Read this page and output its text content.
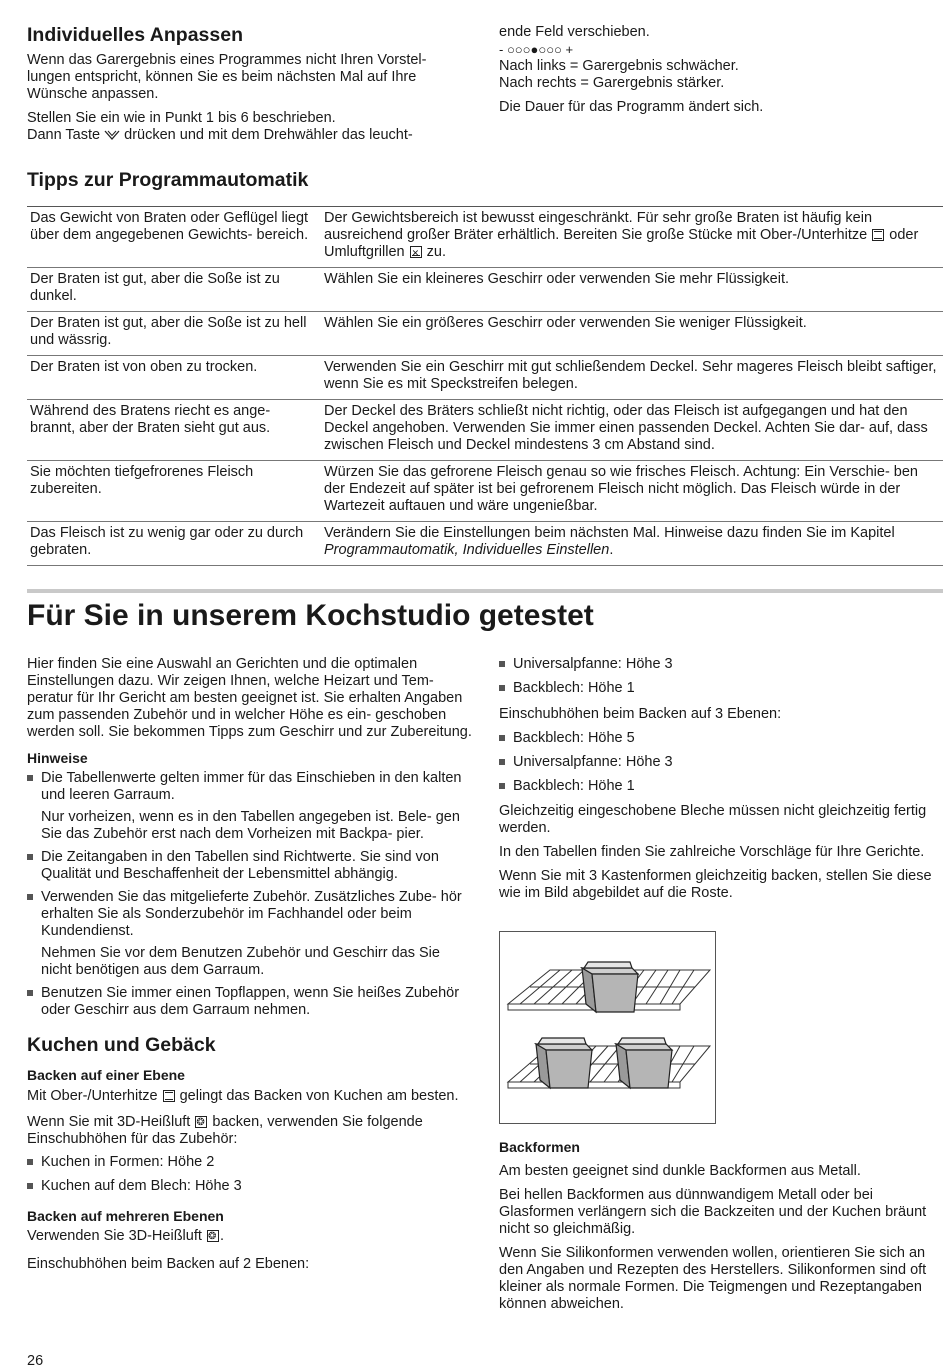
Individuelles Anpassen

Wenn das Garergebnis eines Programmes nicht Ihren Vorstel- lungen entspricht, können Sie es beim nächsten Mal auf Ihre Wünsche anpassen.

Stellen Sie ein wie in Punkt 1 bis 6 beschrieben.

Dann Taste drücken und mit dem Drehwähler das leucht-

ende Feld verschieben.

- ○○○●○○○ +

Nach links = Garergebnis schwächer.

Nach rechts = Garergebnis stärker.

Die Dauer für das Programm ändert sich.

Tipps zur Programmautomatik
Das Gewicht von Braten oder Geflügel liegt über dem angegebenen Gewichts- bereich.	Der Gewichtsbereich ist bewusst eingeschränkt. Für sehr große Braten ist häufig kein ausreichend großer Bräter erhältlich. Bereiten Sie große Stücke mit Ober-/Unterhitze oder Umluftgrillen ✕ zu.
Der Braten ist gut, aber die Soße ist zu dunkel.	Wählen Sie ein kleineres Geschirr oder verwenden Sie mehr Flüssigkeit.
Der Braten ist gut, aber die Soße ist zu hell und wässrig.	Wählen Sie ein größeres Geschirr oder verwenden Sie weniger Flüssigkeit.
Der Braten ist von oben zu trocken.	Verwenden Sie ein Geschirr mit gut schließendem Deckel. Sehr mageres Fleisch bleibt saftiger, wenn Sie es mit Speckstreifen belegen.
Während des Bratens riecht es ange- brannt, aber der Braten sieht gut aus.	Der Deckel des Bräters schließt nicht richtig, oder das Fleisch ist aufgegangen und hat den Deckel angehoben. Verwenden Sie immer einen passenden Deckel. Achten Sie dar- auf, dass zwischen Fleisch und Deckel mindestens 3 cm Abstand sind.
Sie möchten tiefgefrorenes Fleisch zubereiten.	Würzen Sie das gefrorene Fleisch genau so wie frisches Fleisch. Achtung: Ein Verschie- ben der Endezeit auf später ist bei gefrorenem Fleisch nicht möglich. Das Fleisch würde in der Wartezeit auftauen und wäre ungenießbar.
Das Fleisch ist zu wenig gar oder zu durch gebraten.	Verändern Sie die Einstellungen beim nächsten Mal. Hinweise dazu finden Sie im Kapitel Programmautomatik, Individuelles Einstellen.
Für Sie in unserem Kochstudio getestet

Hier finden Sie eine Auswahl an Gerichten und die optimalen Einstellungen dazu. Wir zeigen Ihnen, welche Heizart und Tem- peratur für Ihr Gericht am besten geeignet ist. Sie erhalten Angaben zum passenden Zubehör und in welcher Höhe es ein- geschoben werden soll. Sie bekommen Tipps zum Geschirr und zur Zubereitung.

Hinweise
Die Tabellenwerte gelten immer für das Einschieben in den kalten und leeren Garraum.
Nur vorheizen, wenn es in den Tabellen angegeben ist. Bele- gen Sie das Zubehör erst nach dem Vorheizen mit Backpa- pier.
Die Zeitangaben in den Tabellen sind Richtwerte. Sie sind von Qualität und Beschaffenheit der Lebensmittel abhängig.
Verwenden Sie das mitgelieferte Zubehör. Zusätzliches Zube- hör erhalten Sie als Sonderzubehör im Fachhandel oder beim Kundendienst.
Nehmen Sie vor dem Benutzen Zubehör und Geschirr das Sie nicht benötigen aus dem Garraum.
Benutzen Sie immer einen Topflappen, wenn Sie heißes Zubehör oder Geschirr aus dem Garraum nehmen.
Kuchen und Gebäck
Backen auf einer Ebene

Mit Ober-/Unterhitze gelingt das Backen von Kuchen am besten.

Wenn Sie mit 3D-Heißluft ❂ backen, verwenden Sie folgende Einschubhöhen für das Zubehör:

Kuchen in Formen: Höhe 2
Kuchen auf dem Blech: Höhe 3
Backen auf mehreren Ebenen

Verwenden Sie 3D-Heißluft ❂ .

Einschubhöhen beim Backen auf 2 Ebenen:

Universalpfanne: Höhe 3
Backblech: Höhe 1

Einschubhöhen beim Backen auf 3 Ebenen:

Backblech: Höhe 5
Universalpfanne: Höhe 3
Backblech: Höhe 1

Gleichzeitig eingeschobene Bleche müssen nicht gleichzeitig fertig werden.

In den Tabellen finden Sie zahlreiche Vorschläge für Ihre Gerichte.

Wenn Sie mit 3 Kastenformen gleichzeitig backen, stellen Sie diese wie im Bild abgebildet auf die Roste.

Backformen

Am besten geeignet sind dunkle Backformen aus Metall.

Bei hellen Backformen aus dünnwandigem Metall oder bei Glasformen verlängern sich die Backzeiten und der Kuchen bräunt nicht so gleichmäßig.

Wenn Sie Silikonformen verwenden wollen, orientieren Sie sich an den Angaben und Rezepten des Herstellers. Silikonformen sind oft kleiner als normale Formen. Die Teigmengen und Rezeptangaben können abweichen.

26
